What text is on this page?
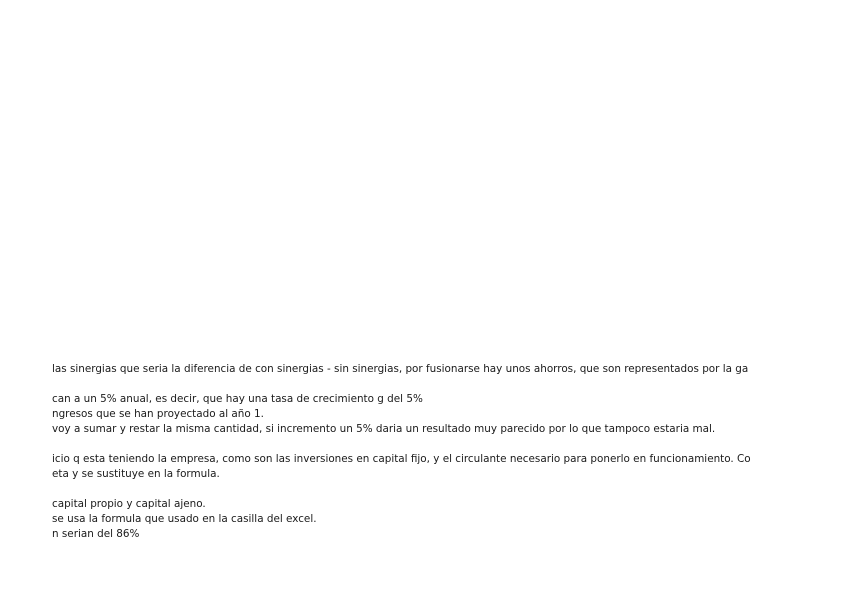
las sinergias que seria la diferencia de con sinergias - sin sinergias, por fusionarse hay unos ahorros, que son representados por la ga
can a un 5% anual, es decir, que hay una tasa de crecimiento g del 5%
ngresos que se han proyectado al año 1.
voy a sumar y restar la misma cantidad, si incremento un 5% daria un resultado muy parecido por lo que tampoco estaria mal.
icio q esta teniendo la empresa, como son las inversiones en capital fijo, y el circulante necesario para ponerlo en funcionamiento. Co
eta y se sustituye en la formula.
capital propio y capital ajeno.
se usa la formula que usado en la casilla del excel.
n serian del 86%
